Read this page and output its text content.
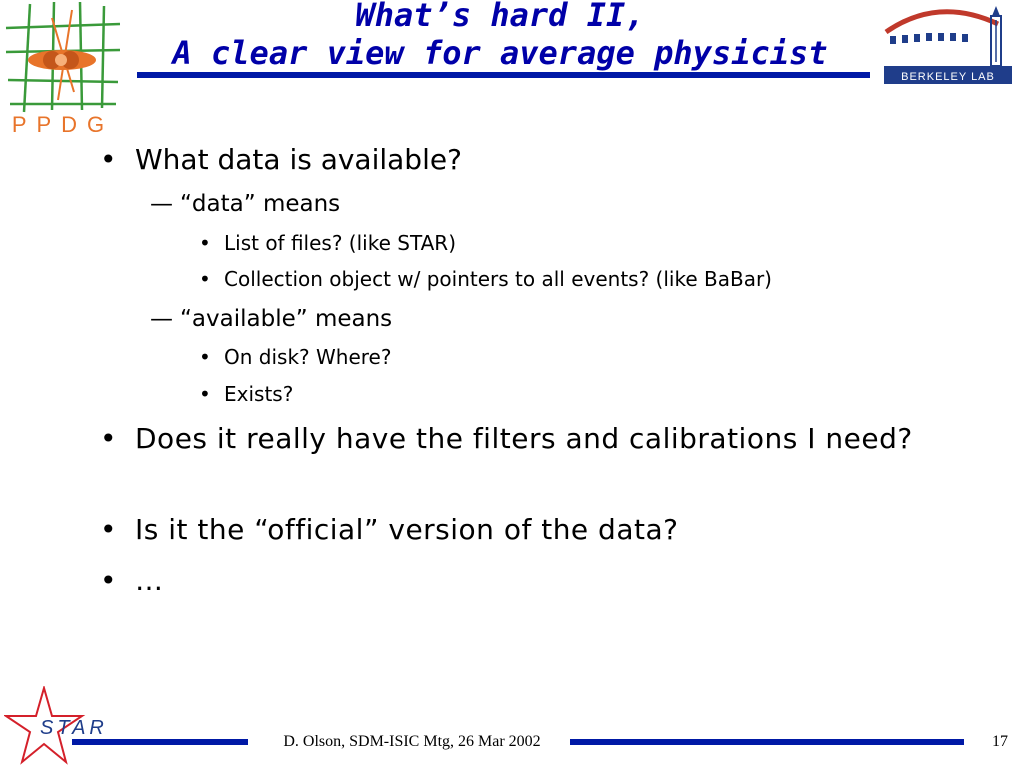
PPDG
What’s hard II,
A clear view for average physicist
BERKELEY LAB
• What data is available?
— “data” means
• List of files? (like STAR)
• Collection object w/ pointers to all events? (like BaBar)
— “available” means
• On disk? Where?
• Exists?
• Does it really have the filters and calibrations I need?
• Is it the “official” version of the data?
• …
STAR
D. Olson, SDM-ISIC Mtg, 26 Mar 2002	17
